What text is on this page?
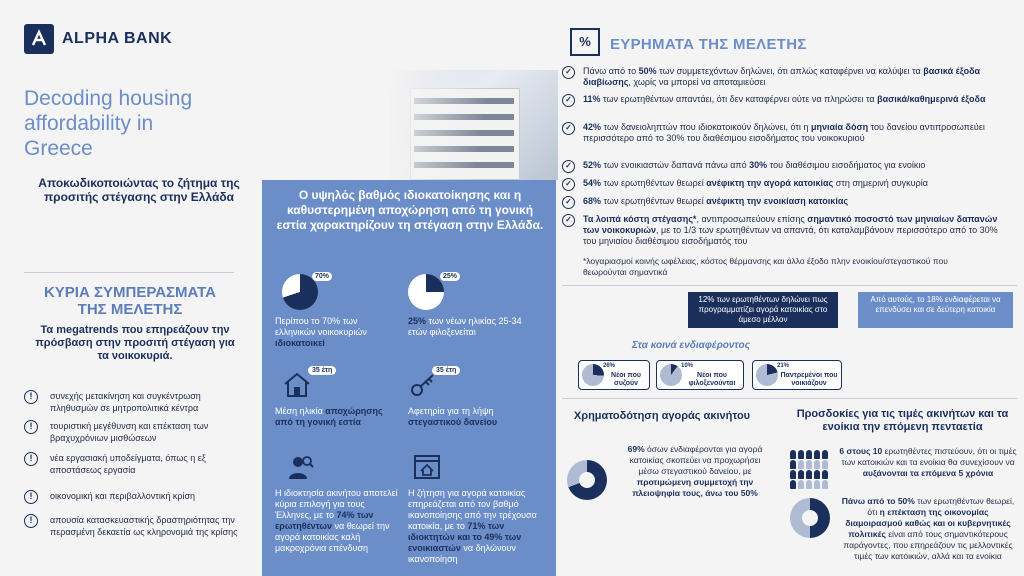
ALPHA BANK
Decoding housing affordability in Greece
Αποκωδικοποιώντας το ζήτημα της προσιτής στέγασης στην Ελλάδα
ΚΥΡΙΑ ΣΥΜΠΕΡΑΣΜΑΤΑ ΤΗΣ ΜΕΛΕΤΗΣ
Τα megatrends που επηρεάζουν την πρόσβαση στην προσιτή στέγαση για τα νοικοκυριά.
!	συνεχής μετακίνηση και συγκέντρωση πληθυσμών σε μητροπολιτικά κέντρα
!	τουριστική μεγέθυνση και επέκταση των βραχυχρόνιων μισθώσεων
!	νέα εργασιακή υποδείγματα, όπως η εξ αποστάσεως εργασία
!	οικονομική και περιβαλλοντική κρίση
!	απουσία κατασκευαστικής δραστηριότητας την περασμένη δεκαετία ως κληρονομιά της κρίσης
Ο υψηλός βαθμός ιδιοκατοίκησης και η καθυστερημένη αποχώρηση από τη γονική εστία χαρακτηρίζουν τη στέγαση στην Ελλάδα.
70%
Περίπου το 70% των ελληνικών νοικοκυριών ιδιοκατοικεί
25%
25% των νέων ηλικίας 25-34 ετών φιλοξενείται
35 έτη
Μέση ηλικία αποχώρησης από τη γονική εστία
35 έτη
Αφετηρία για τη λήψη στεγαστικού δανείου
Η ιδιοκτησία ακινήτου αποτελεί κύρια επιλογή για τους Έλληνες, με το 74% των ερωτηθέντων να θεωρεί την αγορά κατοικίας καλή μακροχρόνια επένδυση
Η ζήτηση για αγορά κατοικίας επηρεάζεται από τον βαθμό ικανοποίησης από την τρέχουσα κατοικία, με το 71% των ιδιοκτητών και το 49% των ενοικιαστών να δηλώνουν ικανοποίηση
%	ΕΥΡΗΜΑΤΑ ΤΗΣ ΜΕΛΕΤΗΣ
✓	Πάνω από το 50% των συμμετεχόντων δηλώνει, ότι απλώς καταφέρνει να καλύψει τα βασικά έξοδα διαβίωσης, χωρίς να μπορεί να αποταμιεύσει
✓	11% των ερωτηθέντων απαντάει, ότι δεν καταφέρνει ούτε να πληρώσει τα βασικά/καθημερινά έξοδα
✓	42% των δανειοληπτών που ιδιοκατοικούν δηλώνει, ότι η μηνιαία δόση του δανείου αντιπροσωπεύει περισσότερο από το 30% του διαθέσιμου εισοδήματος του νοικοκυριού
✓	52% των ενοικιαστών δαπανά πάνω από 30% του διαθέσιμου εισοδήματος για ενοίκιο
✓	54% των ερωτηθέντων θεωρεί ανέφικτη την αγορά κατοικίας στη σημερινή συγκυρία
✓	68% των ερωτηθέντων θεωρεί ανέφικτη την ενοικίαση κατοικίας
✓	Τα λοιπά κόστη στέγασης*, αντιπροσωπεύουν επίσης σημαντικό ποσοστό των μηνιαίων δαπανών των νοικοκυριών, με το 1/3 των ερωτηθέντων να απαντά, ότι καταλαμβάνουν περισσότερο από το 30% του μηνιαίου διαθέσιμου εισοδήματός του
*λογαριασμοί κοινής ωφέλειας, κόστος θέρμανσης και άλλο έξοδο πλην ενοικίου/στεγαστικού που θεωρούνται σημαντικά
12% των ερωτηθέντων δηλώνει πως προγραμματίζει αγορά κατοικίας στο άμεσο μέλλον
Από αυτούς, το 18% ενδιαφέρεται να επενδύσει και σε δεύτερη κατοικία
Στα κοινά ενδιαφέροντος
26%
Νέοι που συζούν
10%
Νέοι που φιλοξενούνται
21%
Παντρεμένοι που νοικιάζουν
Χρηματοδότηση αγοράς ακινήτου
69% όσων ενδιαφέρονται για αγορά κατοικίας σκοπεύει να προχωρήσει μέσω στεγαστικού δανείου, με προτιμώμενη συμμετοχή την πλειοψηφία τους, άνω του 50%
Προσδοκίες για τις τιμές ακινήτων και τα ενοίκια την επόμενη πενταετία
6 στους 10 ερωτηθέντες πιστεύουν, ότι οι τιμές των κατοικιών και τα ενοίκια θα συνεχίσουν να αυξάνονται τα επόμενα 5 χρόνια
Πάνω από το 50% των ερωτηθέντων θεωρεί, ότι η επέκταση της οικονομίας διαμοιρασμού καθώς και οι κυβερνητικές πολιτικές είναι από τους σημαντικότερους παράγοντες, που επηρεάζουν τις μελλοντικές τιμές των κατοικιών, αλλά και τα ενοίκια
